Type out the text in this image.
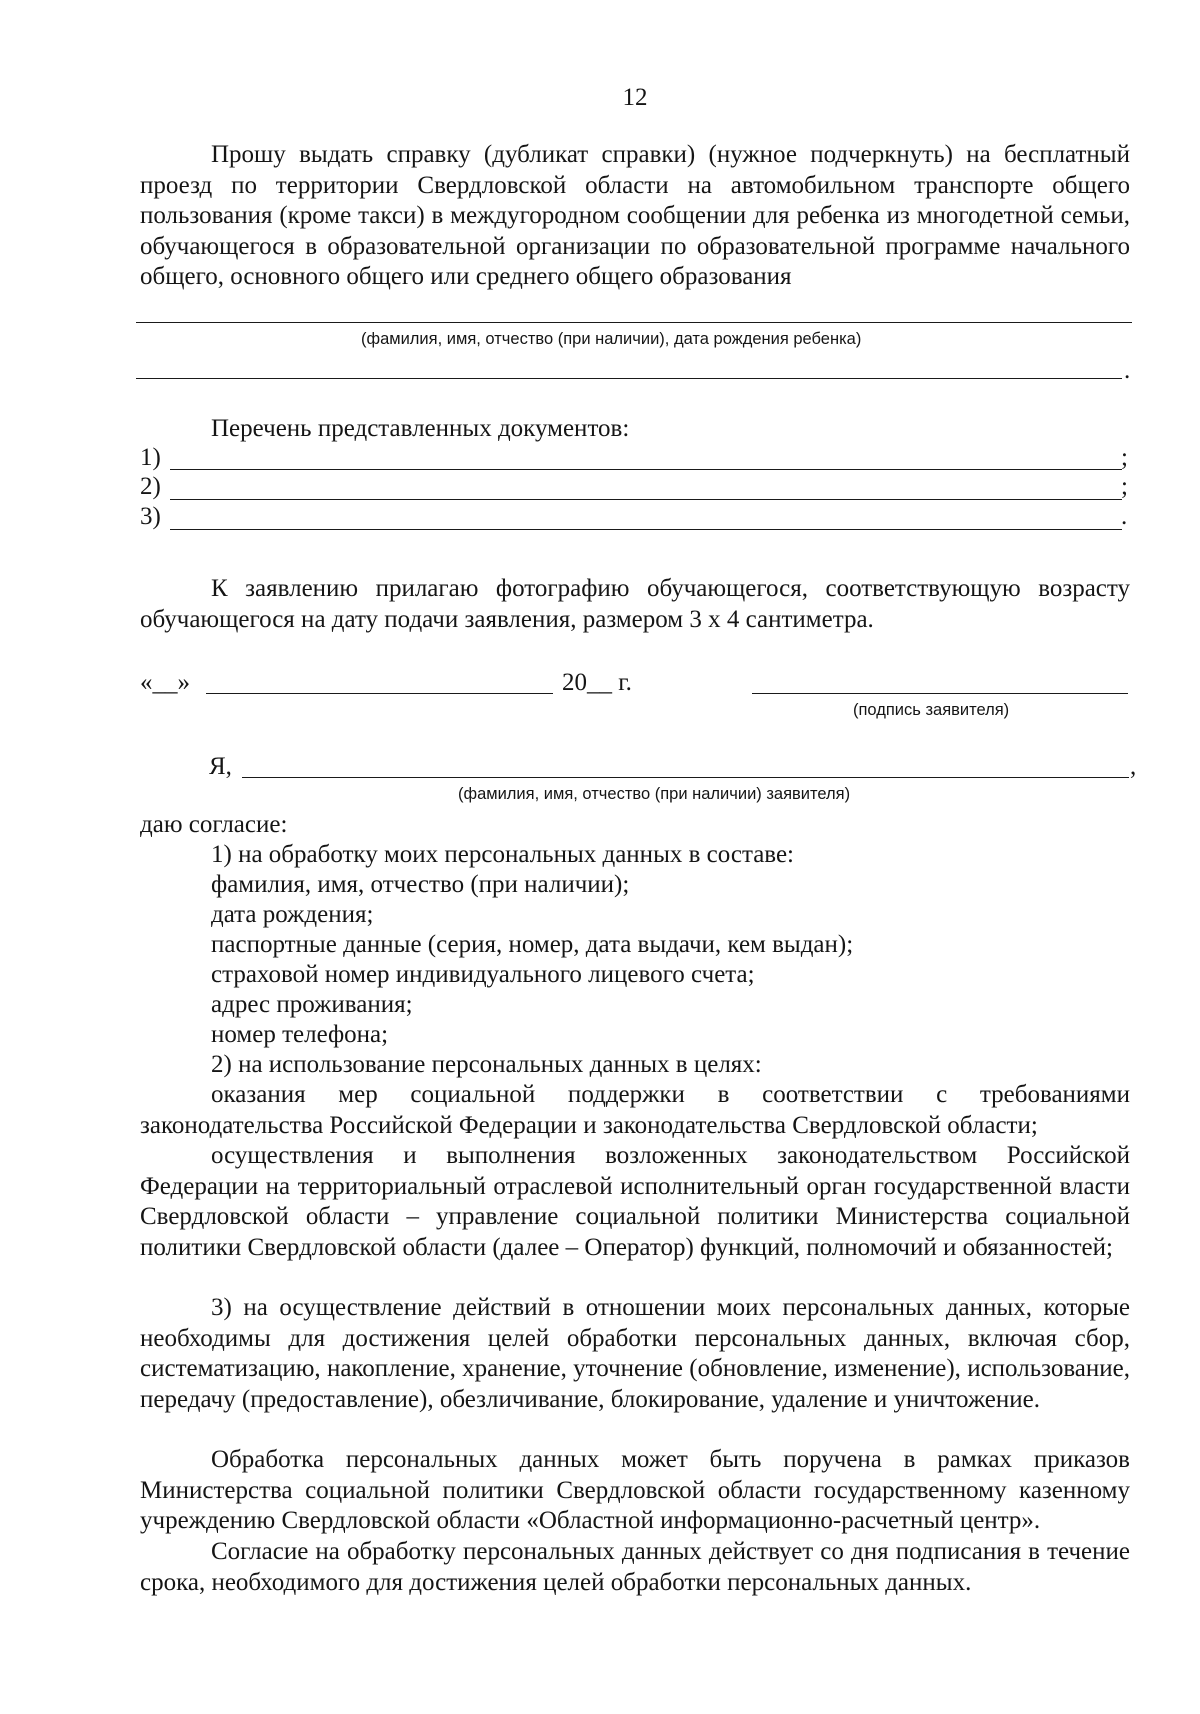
12
Прошу выдать справку (дубликат справки) (нужное подчеркнуть) на бесплатный проезд по территории Свердловской области на автомобильном транспорте общего пользования (кроме такси) в междугородном сообщении для ребенка из многодетной семьи, обучающегося в образовательной организации по образовательной программе начального общего, основного общего или среднего общего образования
(фамилия, имя, отчество (при наличии), дата рождения ребенка)
.
Перечень представленных документов:
1)	;
2)	;
3)	.
К заявлению прилагаю фотографию обучающегося, соответствующую возрасту обучающегося на дату подачи заявления, размером 3 х 4 сантиметра.
«__»	20__ г.
(подпись заявителя)
Я,	,
(фамилия, имя, отчество (при наличии) заявителя)
даю согласие:
1) на обработку моих персональных данных в составе:
фамилия, имя, отчество (при наличии);
дата рождения;
паспортные данные (серия, номер, дата выдачи, кем выдан);
страховой номер индивидуального лицевого счета;
адрес проживания;
номер телефона;
2) на использование персональных данных в целях:
оказания мер социальной поддержки в соответствии с требованиями законодательства Российской Федерации и законодательства Свердловской области;
осуществления и выполнения возложенных законодательством Российской Федерации на территориальный отраслевой исполнительный орган государственной власти Свердловской области – управление социальной политики Министерства социальной политики Свердловской области (далее – Оператор) функций, полномочий и обязанностей;
3) на осуществление действий в отношении моих персональных данных, которые необходимы для достижения целей обработки персональных данных, включая сбор, систематизацию, накопление, хранение, уточнение (обновление, изменение), использование, передачу (предоставление), обезличивание, блокирование, удаление и уничтожение.
Обработка персональных данных может быть поручена в рамках приказов Министерства социальной политики Свердловской области государственному казенному учреждению Свердловской области «Областной информационно-расчетный центр».
Согласие на обработку персональных данных действует со дня подписания в течение срока, необходимого для достижения целей обработки персональных данных.
